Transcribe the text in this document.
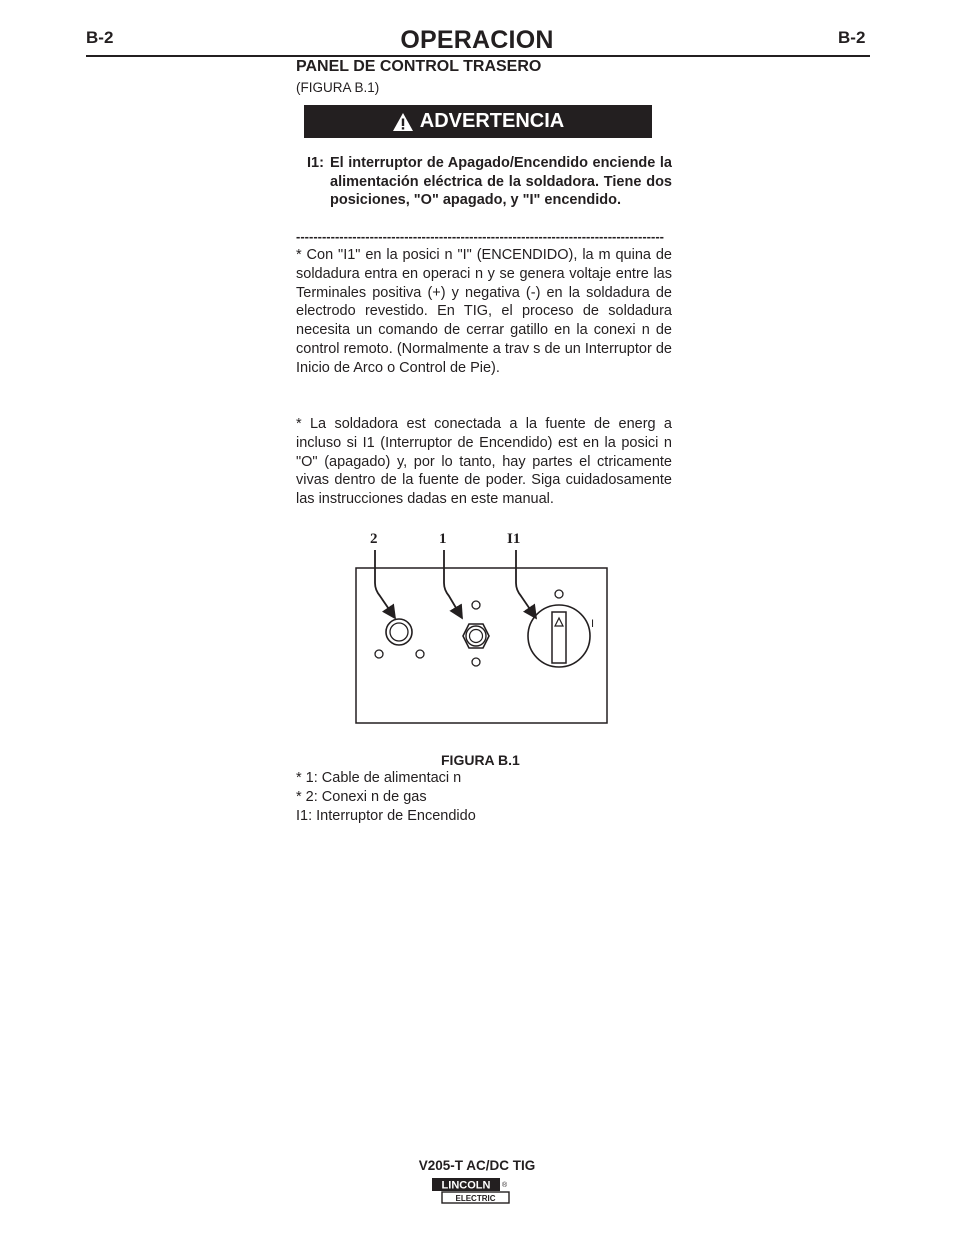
B-2	OPERACION	B-2
PANEL DE CONTROL TRASERO
(FIGURA B.1)
ADVERTENCIA
I1: El interruptor de Apagado/Encendido enciende la alimentación eléctrica de la soldadora. Tiene dos posiciones, "O" apagado, y "I" encendido.
-------------------------------------------------------------------------------------
* Con "I1" en la posici n "I" (ENCENDIDO), la m quina de soldadura entra en operaci n y se genera voltaje entre las Terminales positiva (+) y negativa (-) en la soldadura de electrodo revestido. En TIG, el proceso de soldadura necesita un comando de cerrar gatillo en la conexi n de control remoto. (Normalmente a trav s de un Interruptor de Inicio de Arco o Control de Pie).
* La soldadora est conectada a la fuente de energ a incluso si I1 (Interruptor de Encendido) est en la posici n "O" (apagado) y, por lo tanto, hay partes el ctricamente vivas dentro de la fuente de poder. Siga cuidadosamente las instrucciones dadas en este manual.
2	1	I1
I
FIGURA B.1
* 1: Cable de alimentaci n
* 2: Conexi n de gas
I1: Interruptor de Encendido
V205-T AC/DC TIG
LINCOLN
ELECTRIC
®
